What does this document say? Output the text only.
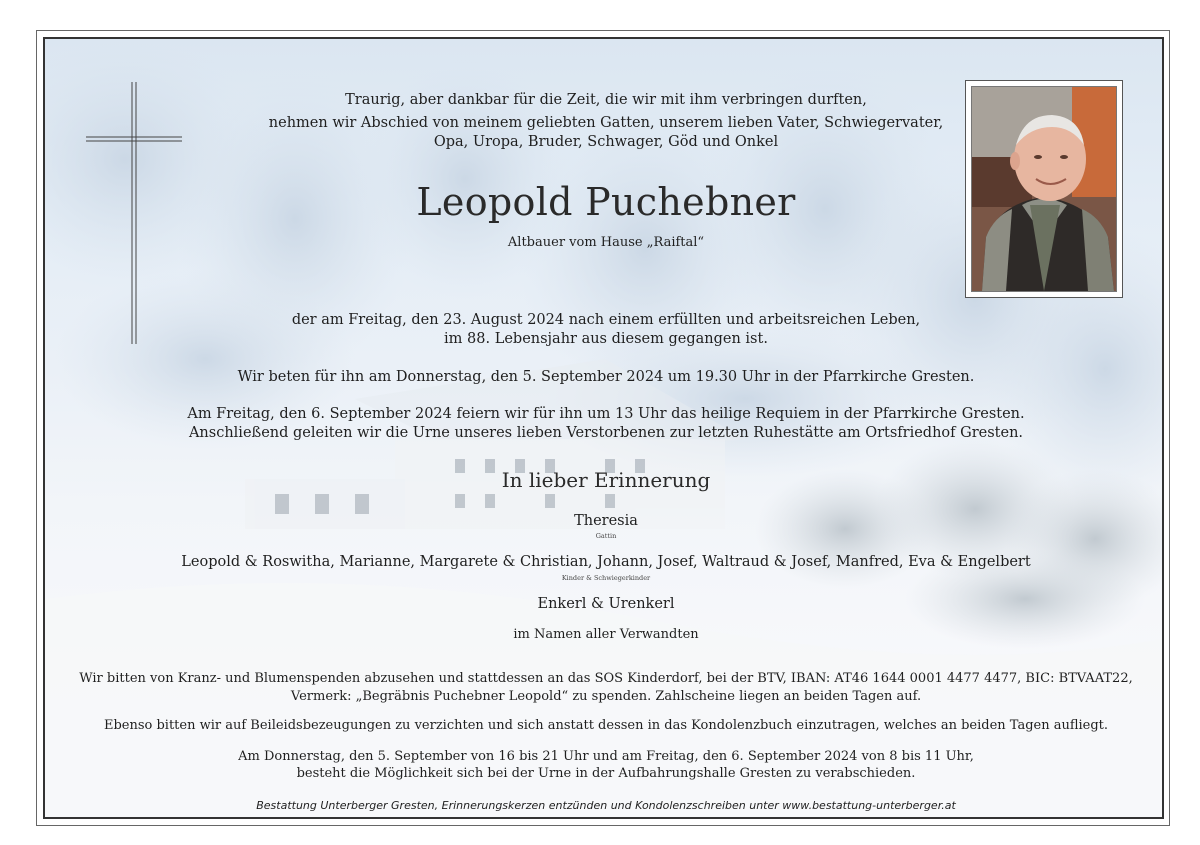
Traurig, aber dankbar für die Zeit, die wir mit ihm verbringen durften,
nehmen wir Abschied von meinem geliebten Gatten, unserem lieben Vater, Schwiegervater,
Opa, Uropa, Bruder, Schwager, Göd und Onkel
Leopold Puchebner
Altbauer vom Hause „Raiftal“
der am Freitag, den 23. August 2024 nach einem erfüllten und arbeitsreichen Leben,
im 88. Lebensjahr aus diesem gegangen ist.
Wir beten für ihn am Donnerstag, den 5. September 2024 um 19.30 Uhr in der Pfarrkirche Gresten.
Am Freitag, den 6. September 2024 feiern wir für ihn um 13 Uhr das heilige Requiem in der Pfarrkirche Gresten.
Anschließend geleiten wir die Urne unseres lieben Verstorbenen zur letzten Ruhestätte am Ortsfriedhof Gresten.
In lieber Erinnerung
Theresia
Gattin
Leopold & Roswitha, Marianne, Margarete & Christian, Johann, Josef, Waltraud & Josef, Manfred, Eva & Engelbert
Kinder & Schwiegerkinder
Enkerl & Urenkerl
im Namen aller Verwandten
Wir bitten von Kranz- und Blumenspenden abzusehen und stattdessen an das SOS Kinderdorf, bei der BTV, IBAN: AT46 1644 0001 4477 4477, BIC: BTVAAT22,
Vermerk: „Begräbnis Puchebner Leopold“ zu spenden. Zahlscheine liegen an beiden Tagen auf.
Ebenso bitten wir auf Beileidsbezeugungen zu verzichten und sich anstatt dessen in das Kondolenzbuch einzutragen, welches an beiden Tagen aufliegt.
Am Donnerstag, den 5. September von 16 bis 21 Uhr und am Freitag, den 6. September 2024 von 8 bis 11 Uhr,
besteht die Möglichkeit sich bei der Urne in der Aufbahrungshalle Gresten zu verabschieden.
Bestattung Unterberger Gresten, Erinnerungskerzen entzünden und Kondolenzschreiben unter www.bestattung-unterberger.at
